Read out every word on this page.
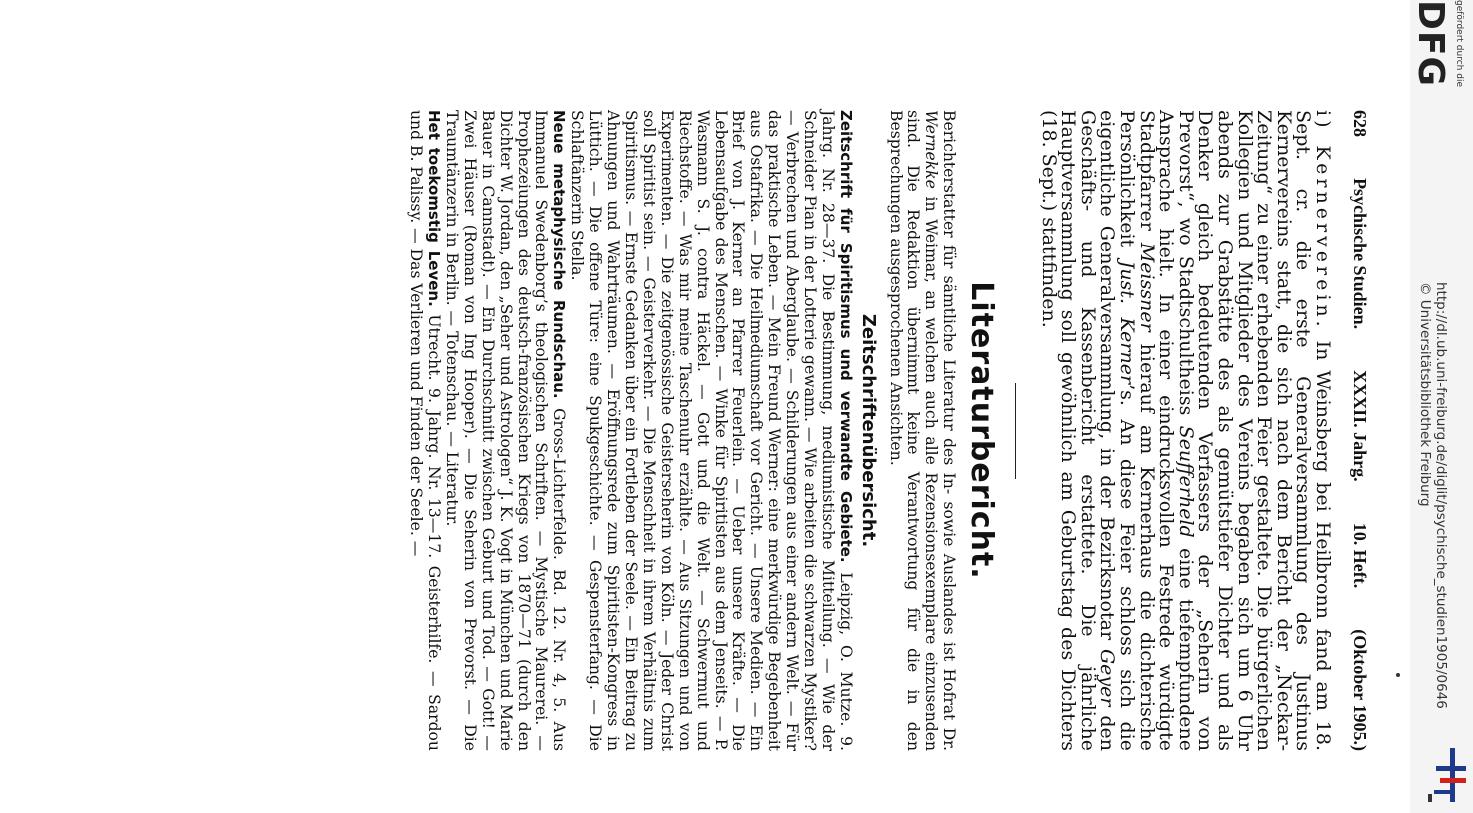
628
Psychische Studien.
XXXII. Jahrg.
10. Heft.
(Oktober 1905.)

i) Kernerverein. In Weinsberg bei Heilbronn fand am 18. Sept. cr. die erste Generalversammlung des Justinus Kernervereins statt, die sich nach dem Bericht der „Neckar-Zeitung“ zu einer erhebenden Feier gestaltete. Die bürgerlichen Kollegien und Mitglieder des Vereins begaben sich um 6 Uhr abends zur Grabstätte des als gemütstiefer Dichter und als Denker gleich bedeutenden Verfassers der „Seherin von Prevorst“, wo Stadtschultheiss Seufferheld eine tiefempfundene Ansprache hielt. In einer eindrucksvollen Festrede würdigte Stadtpfarrer Meissner hierauf am Kernerhaus die dichterische Persönlichkeit Just. Kerner’s. An diese Feier schloss sich die eigentliche Generalversammlung, in der Bezirksnotar Geyer den Geschäfts- und Kassenbericht erstattete. Die jährliche Hauptversammlung soll gewöhnlich am Geburtstag des Dichters (18. Sept.) stattfinden.

Literaturbericht.

Berichterstatter für sämtliche Literatur des In- sowie Auslandes ist Hofrat Dr. Wernekke in Weimar, an welchen auch alle Rezensionsexemplare einzusenden sind. Die Redaktion übernimmt keine Verantwortung für die in den Besprechungen ausgesprochenen Ansichten.

Zeitschriftenübersicht.

Zeitschrift für Spiritismus und verwandte Gebiete. Leipzig, O. Mutze. 9. Jahrg. Nr. 28—37. Die Bestimmung, mediumistische Mitteilung. — Wie der Schneider Pian in der Lotterie gewann. — Wie arbeiten die schwarzen Mystiker? — Verbrechen und Aberglaube. — Schilderungen aus einer andern Welt. — Für das praktische Leben. — Mein Freund Werner: eine merkwürdige Begebenheit aus Ostafrika. — Die Heilmediumschaft vor Gericht. — Unsere Medien. — Ein Brief von J. Kerner an Pfarrer Feuerlein. — Ueber unsere Kräfte. — Die Lebensaufgabe des Menschen. — Winke für Spiritisten aus dem Jenseits. — P. Wasmann S. J. contra Häckel. — Gott und die Welt. — Schwermut und Riechstoffe. — Was mir meine Taschenuhr erzählte. — Aus Sitzungen und von Experimenten. — Die zeitgenössische Geisterseherin von Köln. — Jeder Christ soll Spiritist sein. — Geisterverkehr. — Die Menschheit in ihrem Verhältnis zum Spiritismus. — Ernste Gedanken über ein Fortleben der Seele. — Ein Beitrag zu Ahnungen und Wahrträumen. — Eröffnungsrede zum Spiritisten-Kongress in Lüttich. — Die offene Türe: eine Spukgeschichte. — Gespensterfang. — Die Schlaftänzerin Stella.

Neue metaphysische Rundschau. Gross-Lichterfelde. Bd. 12. Nr. 4, 5. Aus Immanuel Swedenborg’s theologischen Schriften. — Mystische Maurerei. — Prophezeiungen des deutsch-französischen Kriegs von 1870—71 (durch den Dichter W. Jordan, den „Seher und Astrologen“ J. K. Vogt in München und Marie Bauer in Cannstadt). — Ein Durchschnitt zwischen Geburt und Tod. — Gott! — Zwei Häuser (Roman von Ing Hooper). — Die Seherin von Prevorst. — Die Traumtänzerin in Berlin. — Totenschau. — Literatur.

Het toekomstig Leven. Utrecht. 9. Jahrg. Nr. 13—17. Geisterhilfe. — Sardou und B. Palissy. — Das Verlieren und Finden der Seele. —

gefördert durch die
DFG
http://dl.ub.uni-freiburg.de/diglit/psychische_studien1905/0646
© Universitätsbibliothek Freiburg
